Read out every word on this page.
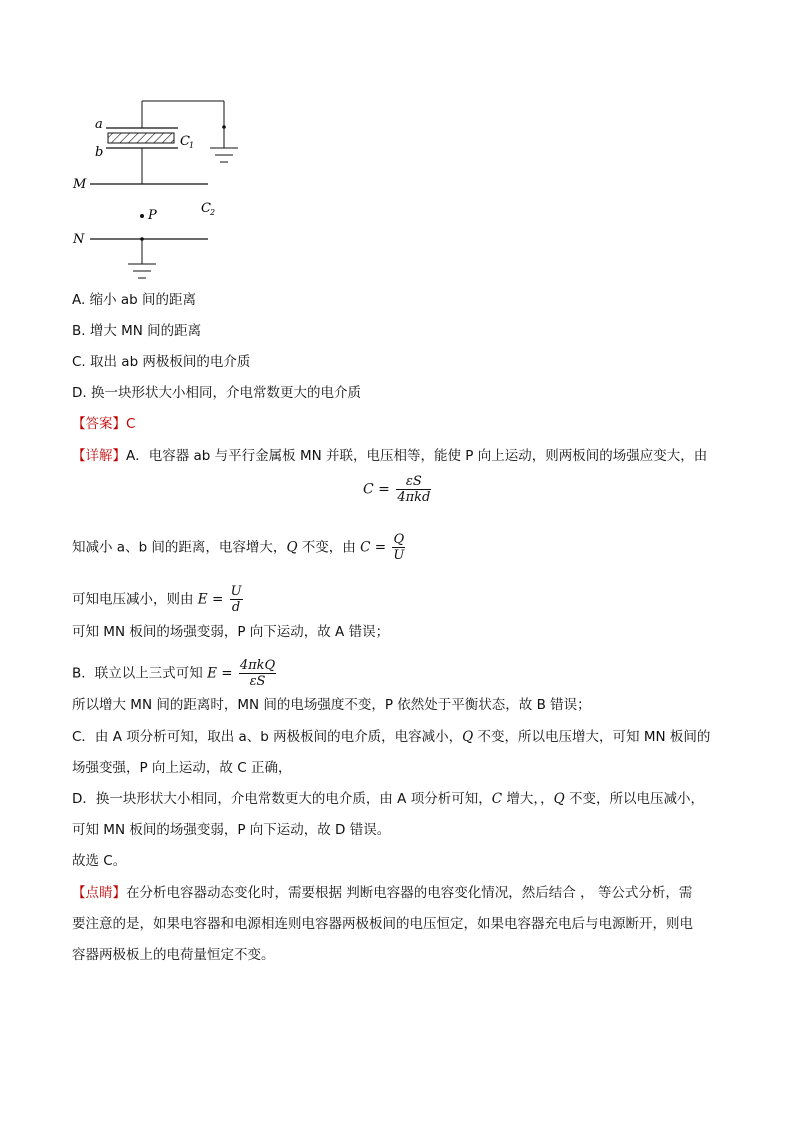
a
b
C 1
M
C 2
P
N
A. 缩小 ab 间的距离
B. 增大 MN 间的距离
C. 取出 ab 两极板间的电介质
D. 换一块形状大小相同，介电常数更大的电介质
【答案】C
【详解】A．电容器 ab 与平行金属板 MN 并联，电压相等，能使 P 向上运动，则两板间的场强应变大，由
$C = \frac{\varepsilon S}{\text{4πkd}}$
知减小 a、b 间的距离，电容增大，Q 不变，由 $C = \frac{Q}{U}$
可知电压减小，则由 $E = \frac{U}{d}$
可知 MN 板间的场强变弱，P 向下运动，故 A 错误；
B．联立以上三式可知 $E = \frac{\text{4πkQ}}{\varepsilon S}$
所以增大 MN 间的距离时，MN 间的电场强度不变，P 依然处于平衡状态，故 B 错误；
C．由 A 项分析可知，取出 a、b 两极板间的电介质，电容减小，Q 不变，所以电压增大，可知 MN 板间的
场强变强，P 向上运动，故 C 正确，
D．换一块形状大小相同，介电常数更大的电介质，由 A 项分析可知，C 增大，，Q 不变，所以电压减小，
可知 MN 板间的场强变弱，P 向下运动，故 D 错误。
故选 C。
【点睛】在分析电容器动态变化时，需要根据 判断电容器的电容变化情况，然后结合 ， 等公式分析，需
要注意的是，如果电容器和电源相连则电容器两极板间的电压恒定，如果电容器充电后与电源断开，则电
容器两极板上的电荷量恒定不变。
